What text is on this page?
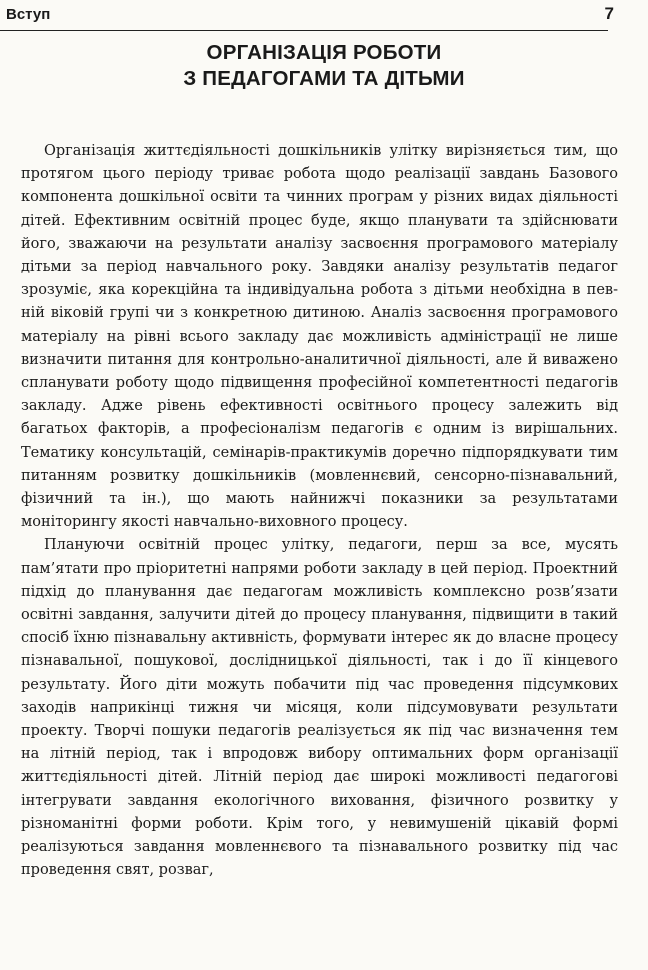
Вступ	7
ОРГАНІЗАЦІЯ РОБОТИ
З ПЕДАГОГАМИ ТА ДІТЬМИ

Організація життєдіяльності дошкільників улітку вирізняється тим, що протягом цього періоду триває робота щодо реалізації завдань Базового компонента дошкільної освіти та чинних програм у різних видах діяльності дітей. Ефективним освітній процес буде, якщо планувати та здійснювати його, зважаючи на результати аналізу засвоєння програмового матеріалу дітьми за період навчального року. Завдяки аналізу результатів педагог зрозуміє, яка корекційна та індивідуальна робота з дітьми необхідна в певній віковій групі чи з конкретною дитиною. Аналіз засвоєння програмового матеріалу на рівні всього закладу дає можливість адміністрації не лише визначити питання для контрольно-аналитичної діяльності, але й виважено спланувати роботу щодо підвищення професійної компетентності педагогів закладу. Адже рівень ефективності освітнього процесу залежить від багатьох факторів, а професіоналізм педагогів є одним із вирішальних. Тематику консультацій, семінарів-практикумів доречно підпорядкувати тим питанням розвитку дошкільників (мовленнєвий, сенсорно-пізнавальний, фізичний та ін.), що мають найнижчі показники за результатами моніторингу якості навчально-виховного процесу.

Плануючи освітній процес улітку, педагоги, перш за все, мусять пам’ятати про пріоритетні напрями роботи закладу в цей період. Проектний підхід до планування дає педагогам можливість комплексно розв’язати освітні завдання, залучити дітей до процесу планування, підвищити в такий спосіб їхню пізнавальну активність, формувати інтерес як до власне процесу пізнавальної, пошукової, дослідницької діяльності, так і до її кінцевого результату. Його діти можуть побачити під час проведення підсумкових заходів наприкінці тижня чи місяця, коли підсумовувати результати проекту. Творчі пошуки педагогів реалізується як під час визначення тем на літній період, так і впродовж вибору оптимальних форм організації життєдіяльності дітей. Літній період дає широкі можливості педагогові інтегрувати завдання екологічного виховання, фізичного розвитку у різноманітні форми роботи. Крім того, у невимушеній цікавій формі реалізуються завдання мовленнєвого та пізнавального розвитку під час проведення свят, розваг,
